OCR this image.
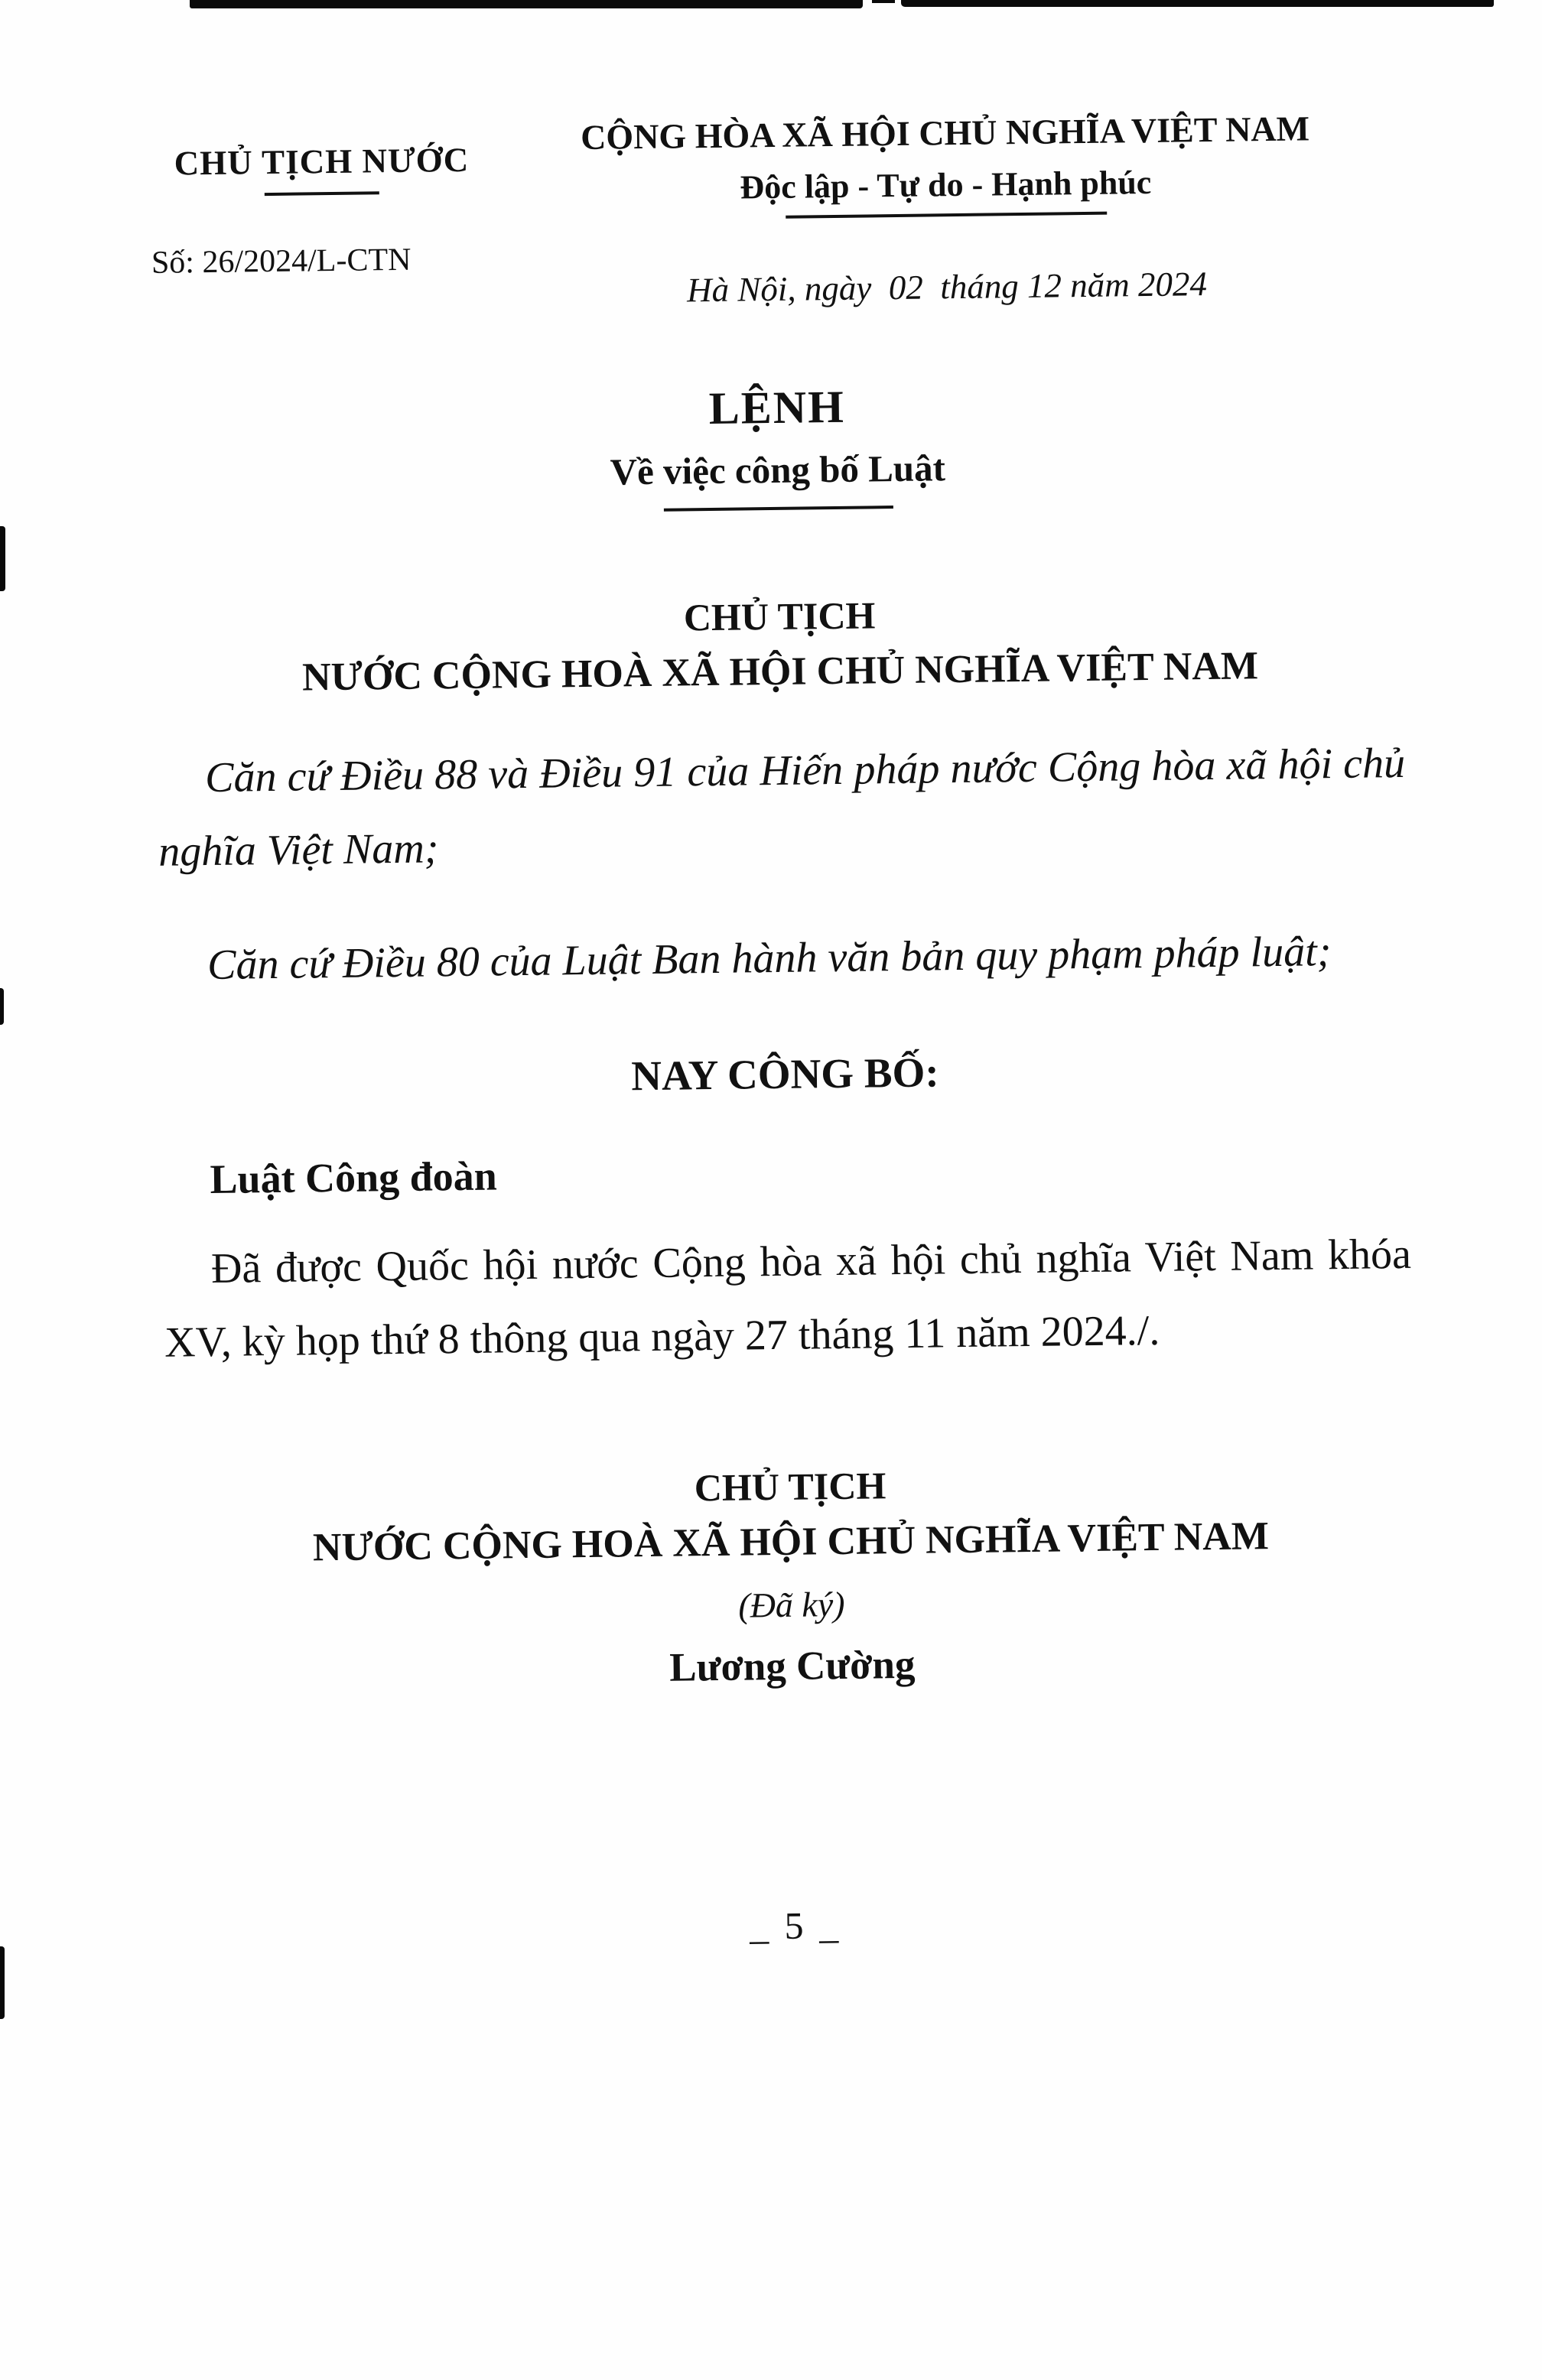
CHỦ TỊCH NƯỚC
Số: 26/2024/L-CTN
CỘNG HÒA XÃ HỘI CHỦ NGHĨA VIỆT NAM
Độc lập - Tự do - Hạnh phúc
Hà Nội, ngày  02  tháng 12 năm 2024
LỆNH
Về việc công bố Luật
CHỦ TỊCH
NƯỚC CỘNG HOÀ XÃ HỘI CHỦ NGHĨA VIỆT NAM
Căn cứ Điều 88 và Điều 91 của Hiến pháp nước Cộng hòa xã hội chủ nghĩa Việt Nam;
Căn cứ Điều 80 của Luật Ban hành văn bản quy phạm pháp luật;
NAY CÔNG BỐ:
Luật Công đoàn
Đã được Quốc hội nước Cộng hòa xã hội chủ nghĩa Việt Nam khóa XV, kỳ họp thứ 8 thông qua ngày 27 tháng 11 năm 2024./.
CHỦ TỊCH
NƯỚC CỘNG HOÀ XÃ HỘI CHỦ NGHĨA VIỆT NAM
(Đã ký)
Lương Cường
_ 5 _
